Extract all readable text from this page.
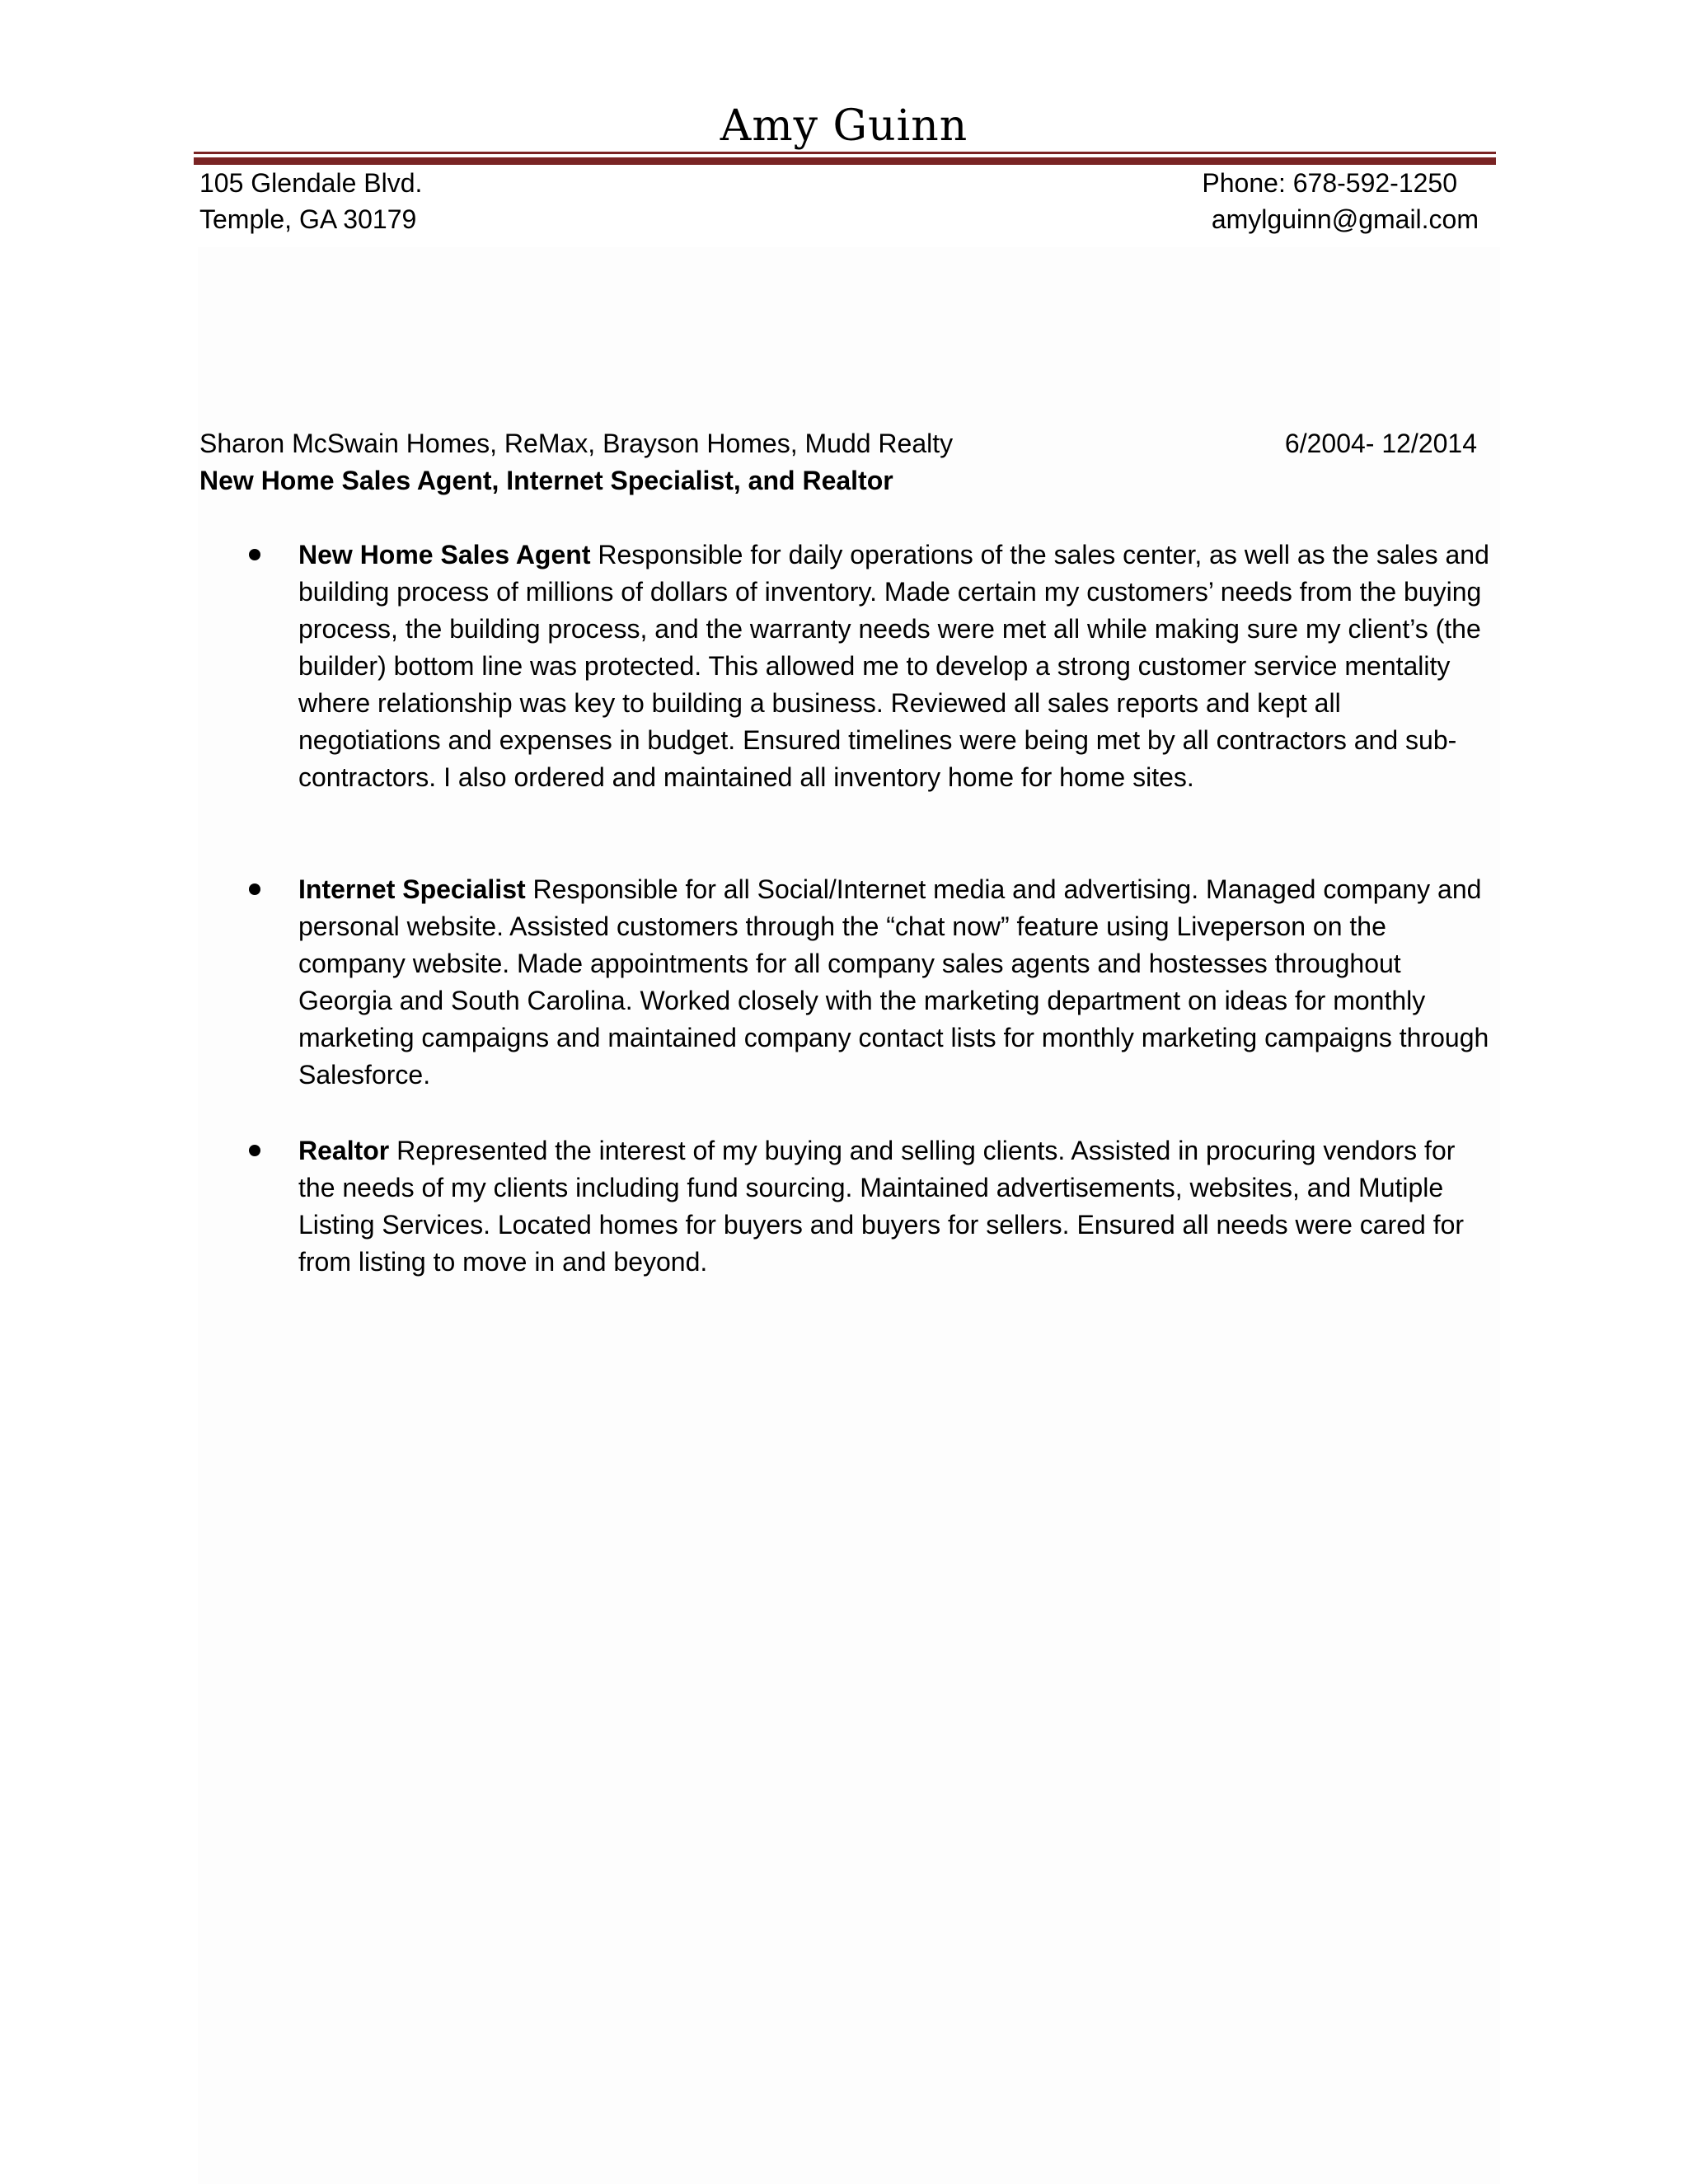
Amy Guinn
105 Glendale Blvd.
Temple, GA 30179
Phone: 678-592-1250
amylguinn@gmail.com
Sharon McSwain Homes, ReMax, Brayson Homes, Mudd Realty	6/2004- 12/2014
New Home Sales Agent, Internet Specialist, and Realtor
New Home Sales Agent Responsible for daily operations of the sales center, as well as the sales and building process of millions of dollars of inventory. Made certain my customers’ needs from the buying process, the building process, and the warranty needs were met all while making sure my client’s (the builder) bottom line was protected. This allowed me to develop a strong customer service mentality where relationship was key to building a business. Reviewed all sales reports and kept all negotiations and expenses in budget. Ensured timelines were being met by all contractors and sub- contractors. I also ordered and maintained all inventory home for home sites.
Internet Specialist Responsible for all Social/Internet media and advertising. Managed company and personal website. Assisted customers through the “chat now” feature using Liveperson on the company website. Made appointments for all company sales agents and hostesses throughout Georgia and South Carolina. Worked closely with the marketing department on ideas for monthly marketing campaigns and maintained company contact lists for monthly marketing campaigns through Salesforce.
Realtor Represented the interest of my buying and selling clients. Assisted in procuring vendors for the needs of my clients including fund sourcing. Maintained advertisements, websites, and Mutiple Listing Services. Located homes for buyers and buyers for sellers. Ensured all needs were cared for from listing to move in and beyond.
